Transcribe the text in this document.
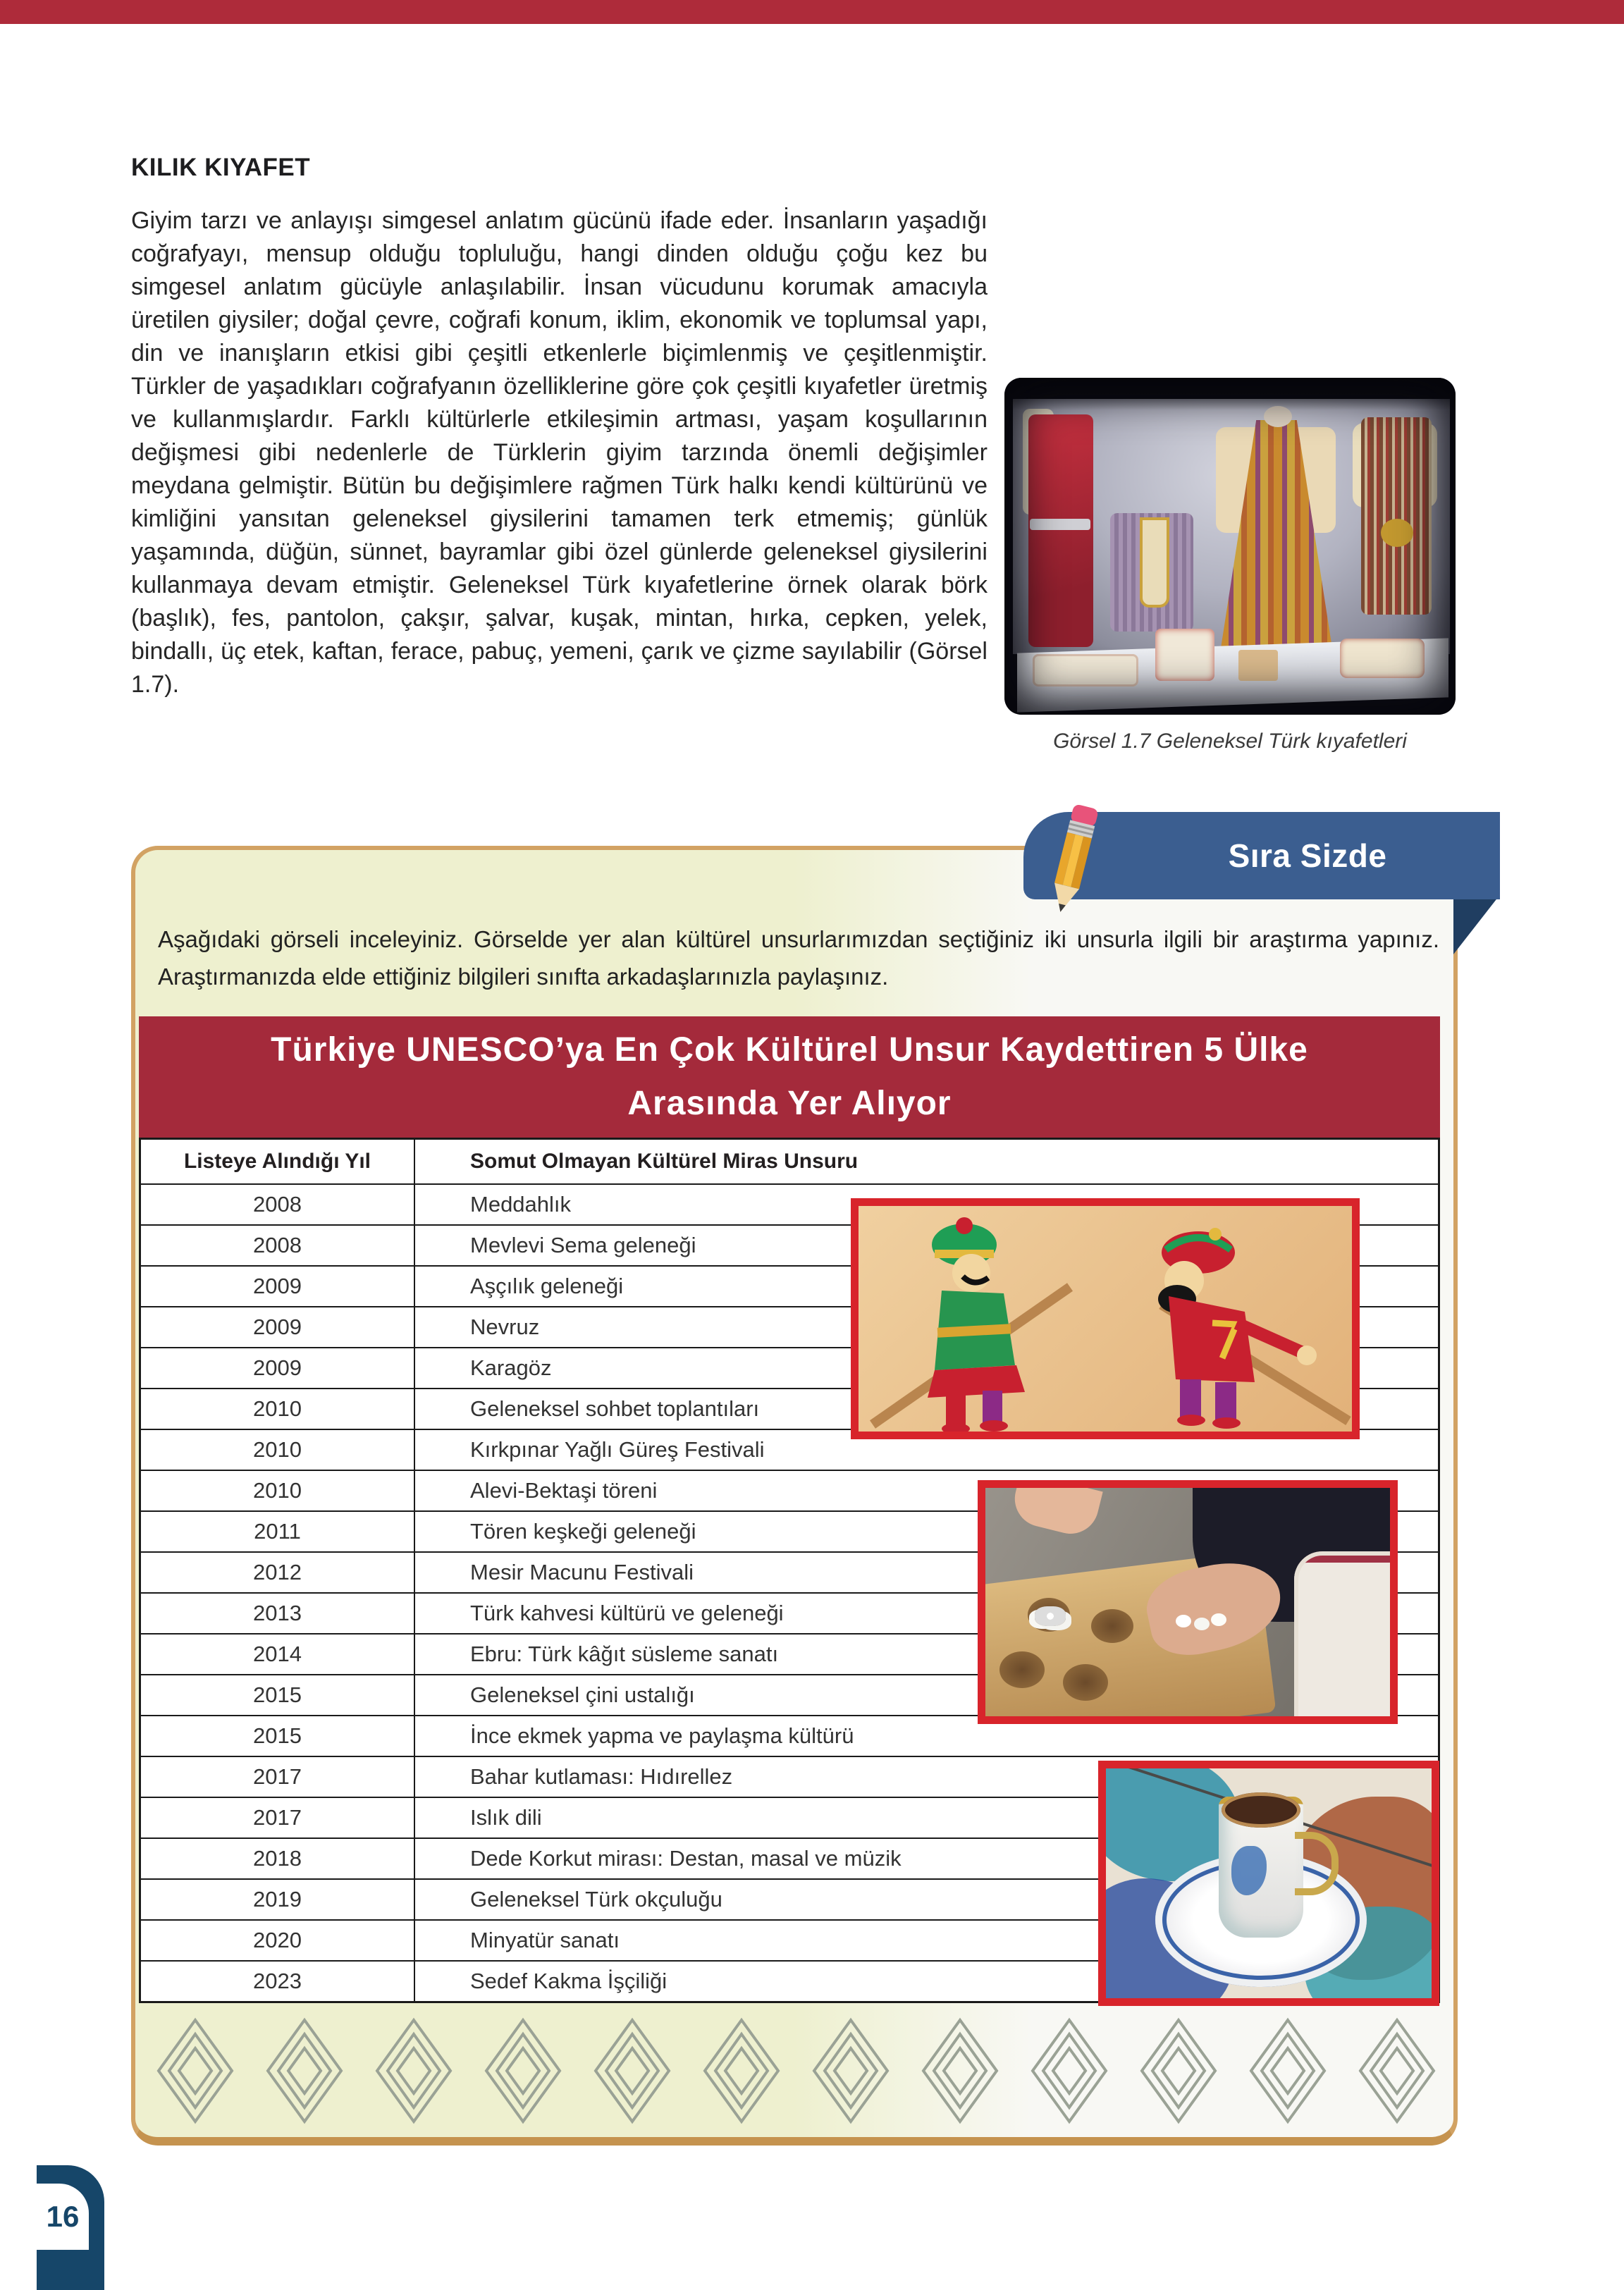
KILIK KIYAFET
Görsel 1.7 Geleneksel Türk kıyafetleri
Giyim tarzı ve anlayışı simgesel anlatım gücünü ifade eder. İnsanların yaşadığı coğrafyayı, mensup olduğu topluluğu, hangi dinden olduğu çoğu kez bu simgesel anlatım gücüyle anlaşılabilir. İnsan vücudunu korumak amacıyla üretilen giysiler; doğal çevre, coğrafi konum, iklim, ekonomik ve toplumsal yapı, din ve inanışların etkisi gibi çeşitli etkenlerle biçimlenmiş ve çeşitlenmiştir. Türkler de yaşadıkları coğrafyanın özelliklerine göre çok çeşitli kıyafetler üretmiş ve kullanmışlardır. Farklı kültürlerle etkileşimin artması, yaşam koşullarının değişmesi gibi nedenlerle de Türklerin giyim tarzında önemli değişimler meydana gelmiştir. Bütün bu değişimlere rağmen Türk halkı kendi kültürünü ve kimliğini yansıtan geleneksel giysilerini tamamen terk etmemiş; günlük yaşamında, düğün, sünnet, bayramlar gibi özel günlerde geleneksel giysilerini kullanmaya devam etmiştir. Geleneksel Türk kıyafetlerine örnek olarak börk (başlık), fes, pantolon, çakşır, şalvar, kuşak, mintan, hırka, cepken, yelek, bindallı, üç etek, kaftan, ferace, pabuç, yemeni, çarık ve çizme sayılabilir (Görsel 1.7).
Sıra Sizde
Aşağıdaki görseli inceleyiniz. Görselde yer alan kültürel unsurlarımızdan seçtiğiniz iki unsurla ilgili bir araştırma yapınız. Araştırmanızda elde ettiğiniz bilgileri sınıfta arkadaşlarınızla paylaşınız.
Türkiye UNESCO’ya En Çok Kültürel Unsur Kaydettiren 5 Ülke
Arasında Yer Alıyor
Listeye Alındığı Yıl	Somut Olmayan Kültürel Miras Unsuru
2008	Meddahlık
2008	Mevlevi Sema geleneği
2009	Aşçılık geleneği
2009	Nevruz
2009	Karagöz
2010	Geleneksel sohbet toplantıları
2010	Kırkpınar Yağlı Güreş Festivali
2010	Alevi-Bektaşi töreni
2011	Tören keşkeği geleneği
2012	Mesir Macunu Festivali
2013	Türk kahvesi kültürü ve geleneği
2014	Ebru: Türk kâğıt süsleme sanatı
2015	Geleneksel çini ustalığı
2015	İnce ekmek yapma ve paylaşma kültürü
2017	Bahar kutlaması: Hıdırellez
2017	Islık dili
2018	Dede Korkut mirası: Destan, masal ve müzik
2019	Geleneksel Türk okçuluğu
2020	Minyatür sanatı
2023	Sedef Kakma İşçiliği
16
